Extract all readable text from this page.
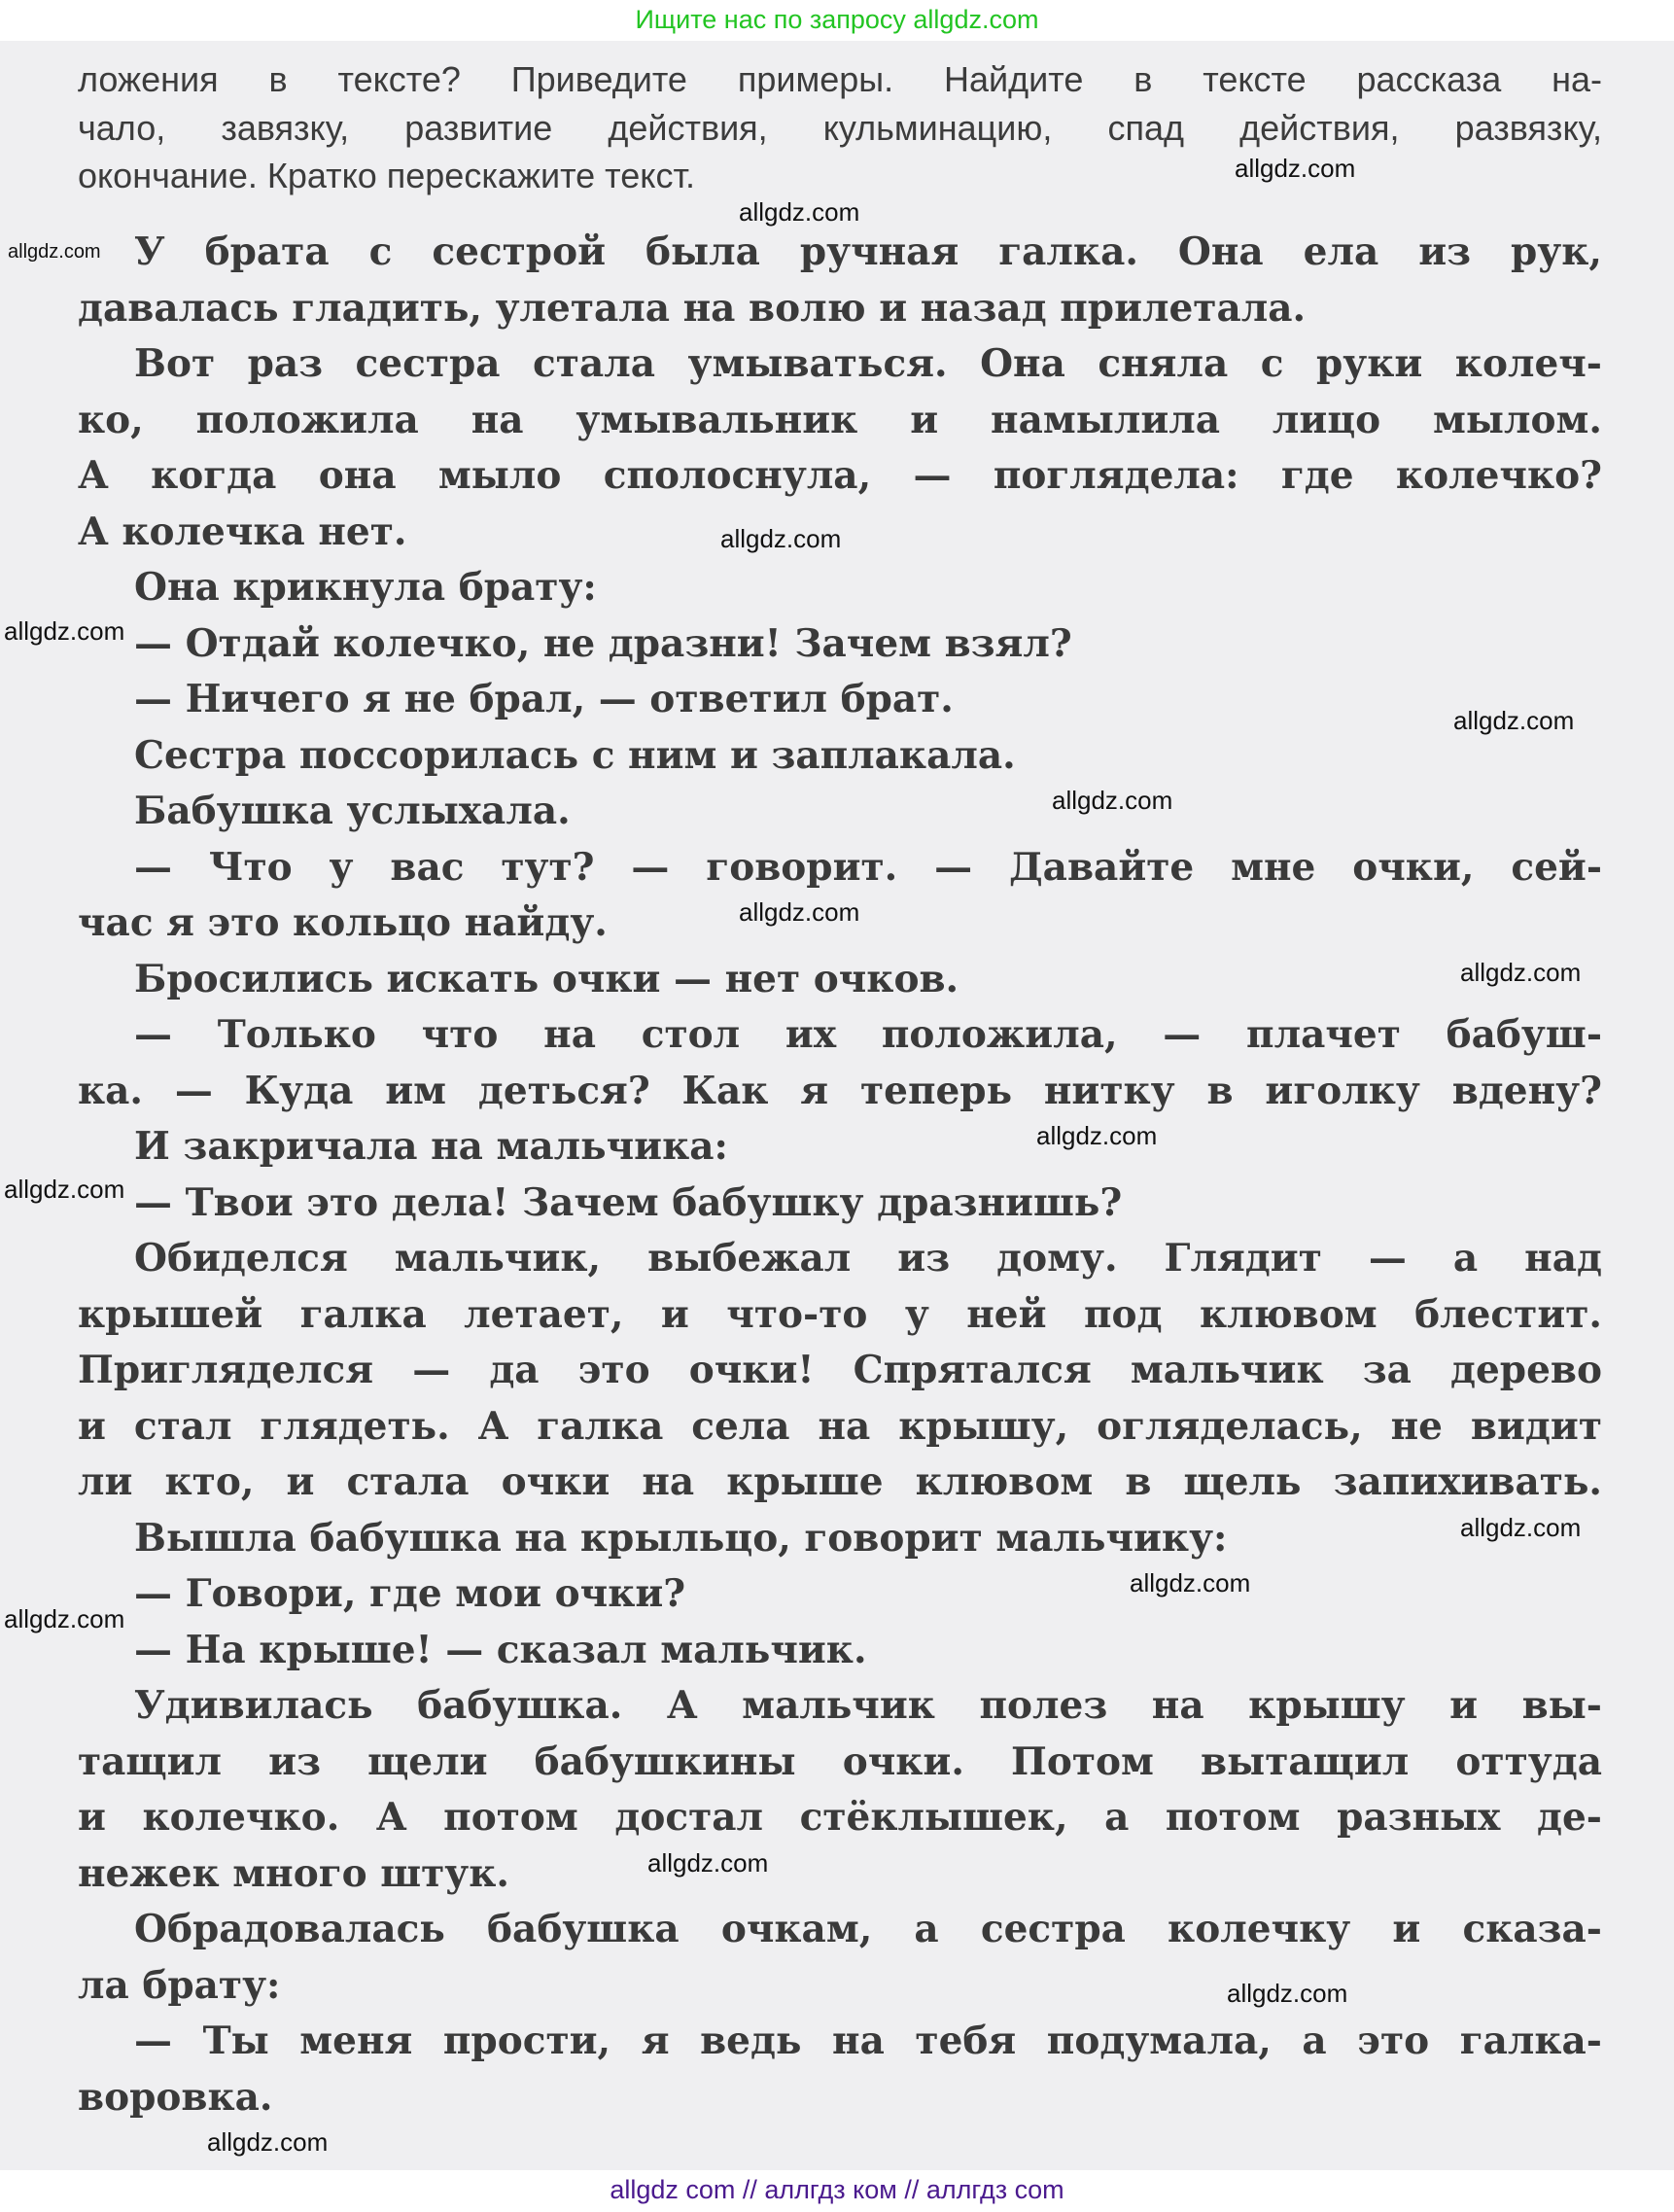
Ищите нас по запросу allgdz.com
ложения в тексте? Приведите примеры. Найдите в тексте рассказа на-
чало, завязку, развитие действия, кульминацию, спад действия, развязку,
окончание. Кратко перескажите текст.
У брата с сестрой была ручная галка. Она ела из рук,
давалась гладить, улетала на волю и назад прилетала.
Вот раз сестра стала умываться. Она сняла с руки колеч-
ко, положила на умывальник и намылила лицо мылом.
А когда она мыло сполоснула, — поглядела: где колечко?
А колечка нет.
Она крикнула брату:
— Отдай колечко, не дразни! Зачем взял?
— Ничего я не брал, — ответил брат.
Сестра поссорилась с ним и заплакала.
Бабушка услыхала.
— Что у вас тут? — говорит. — Давайте мне очки, сей-
час я это кольцо найду.
Бросились искать очки — нет очков.
— Только что на стол их положила, — плачет бабуш-
ка. — Куда им деться? Как я теперь нитку в иголку вдену?
И закричала на мальчика:
— Твои это дела! Зачем бабушку дразнишь?
Обиделся мальчик, выбежал из дому. Глядит — а над
крышей галка летает, и что-то у ней под клювом блестит.
Пригляделся — да это очки! Спрятался мальчик за дерево
и стал глядеть. А галка села на крышу, огляделась, не видит
ли кто, и стала очки на крыше клювом в щель запихивать.
Вышла бабушка на крыльцо, говорит мальчику:
— Говори, где мои очки?
— На крыше! — сказал мальчик.
Удивилась бабушка. А мальчик полез на крышу и вы-
тащил из щели бабушкины очки. Потом вытащил оттуда
и колечко. А потом достал стёклышек, а потом разных де-
нежек много штук.
Обрадовалась бабушка очкам, а сестра колечку и сказа-
ла брату:
— Ты меня прости, я ведь на тебя подумала, а это галка-
воровка.
allgdz.com
allgdz.com
allgdz.com
allgdz.com
allgdz.com
allgdz.com
allgdz.com
allgdz.com
allgdz.com
allgdz.com
allgdz.com
allgdz.com
allgdz.com
allgdz.com
allgdz.com
allgdz.com
allgdz.com
allgdz com // аллгдз ком // аллгдз com
